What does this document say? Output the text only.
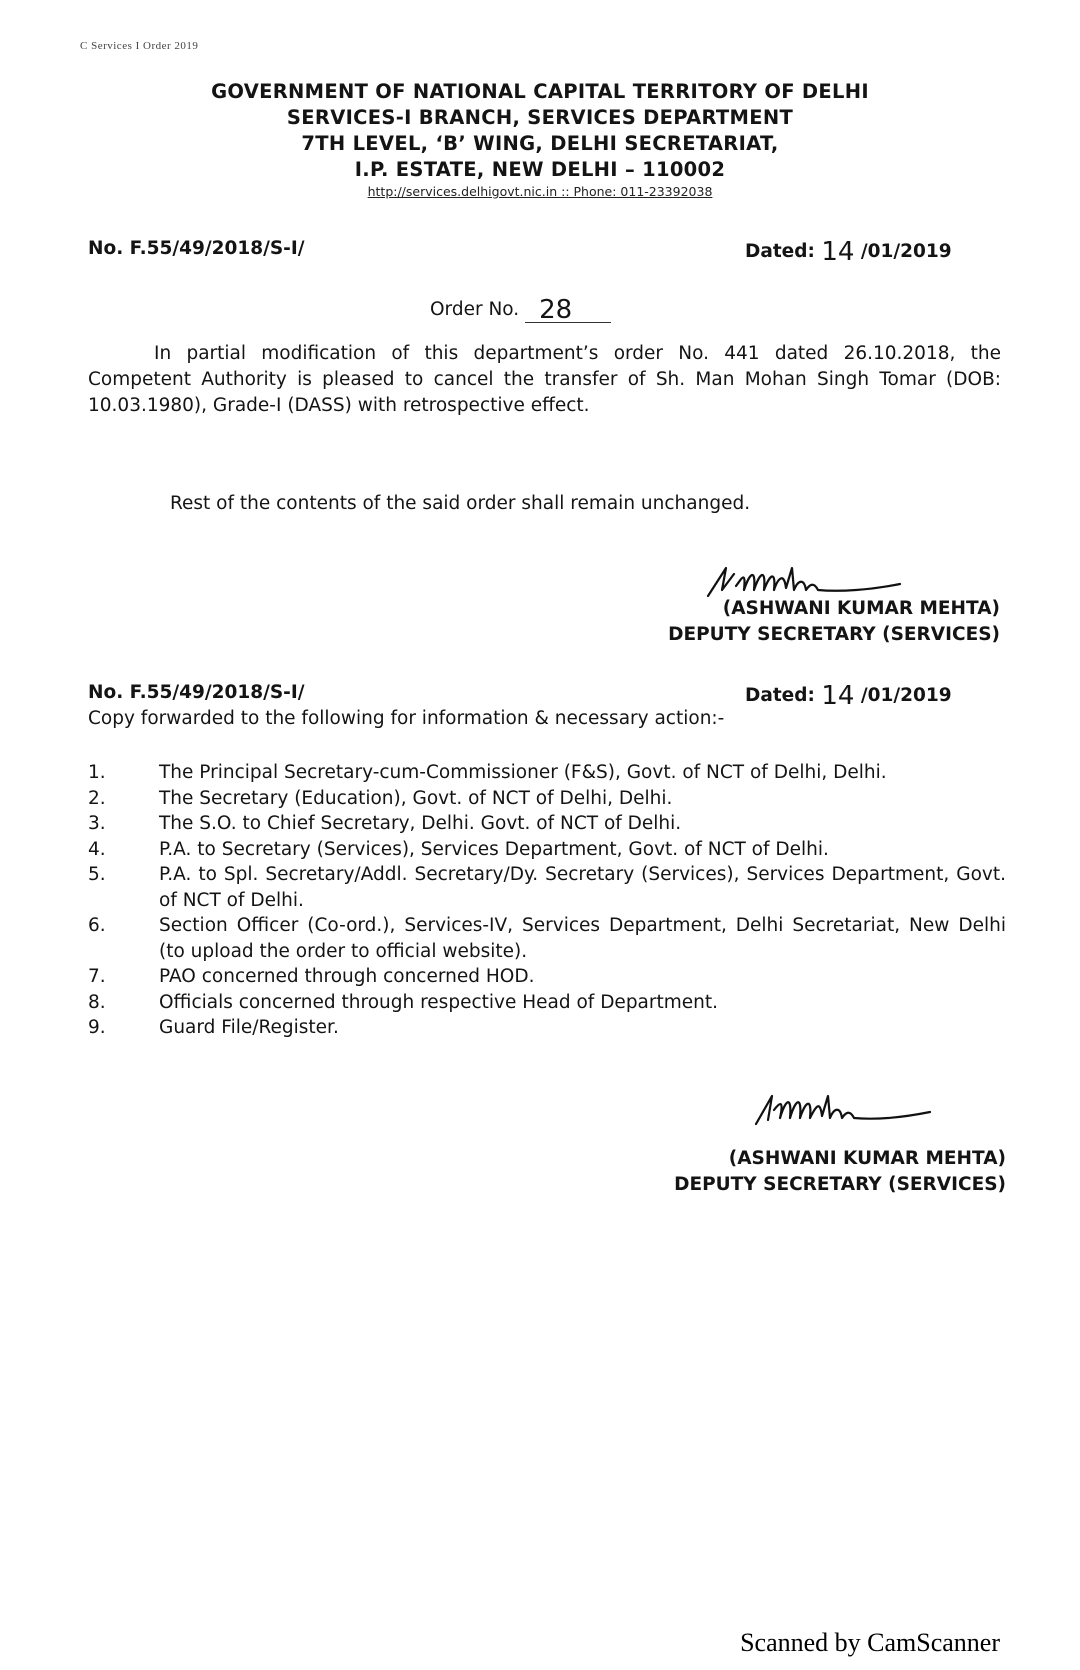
C Services I Order 2019
GOVERNMENT OF NATIONAL CAPITAL TERRITORY OF DELHI
SERVICES-I BRANCH, SERVICES DEPARTMENT
7TH LEVEL, ‘B’ WING, DELHI SECRETARIAT,
I.P. ESTATE, NEW DELHI – 110002
http://services.delhigovt.nic.in :: Phone: 011-23392038
No. F.55/49/2018/S-I/	Dated: 14 /01/2019
Order No. 28
In partial modification of this department’s order No. 441 dated 26.10.2018, the Competent Authority is pleased to cancel the transfer of Sh. Man Mohan Singh Tomar (DOB: 10.03.1980), Grade-I (DASS) with retrospective effect.
Rest of the contents of the said order shall remain unchanged.
(ASHWANI KUMAR MEHTA)
DEPUTY SECRETARY (SERVICES)
No. F.55/49/2018/S-I/	Dated: 14 /01/2019
Copy forwarded to the following for information & necessary action:-
1.	The Principal Secretary-cum-Commissioner (F&S), Govt. of NCT of Delhi, Delhi.
2.	The Secretary (Education), Govt. of NCT of Delhi, Delhi.
3.	The S.O. to Chief Secretary, Delhi. Govt. of NCT of Delhi.
4.	P.A. to Secretary (Services), Services Department, Govt. of NCT of Delhi.
5.	P.A. to Spl. Secretary/Addl. Secretary/Dy. Secretary (Services), Services Department, Govt. of NCT of Delhi.
6.	Section Officer (Co-ord.), Services-IV, Services Department, Delhi Secretariat, New Delhi (to upload the order to official website).
7.	PAO concerned through concerned HOD.
8.	Officials concerned through respective Head of Department.
9.	Guard File/Register.
(ASHWANI KUMAR MEHTA)
DEPUTY SECRETARY (SERVICES)
Scanned by CamScanner
